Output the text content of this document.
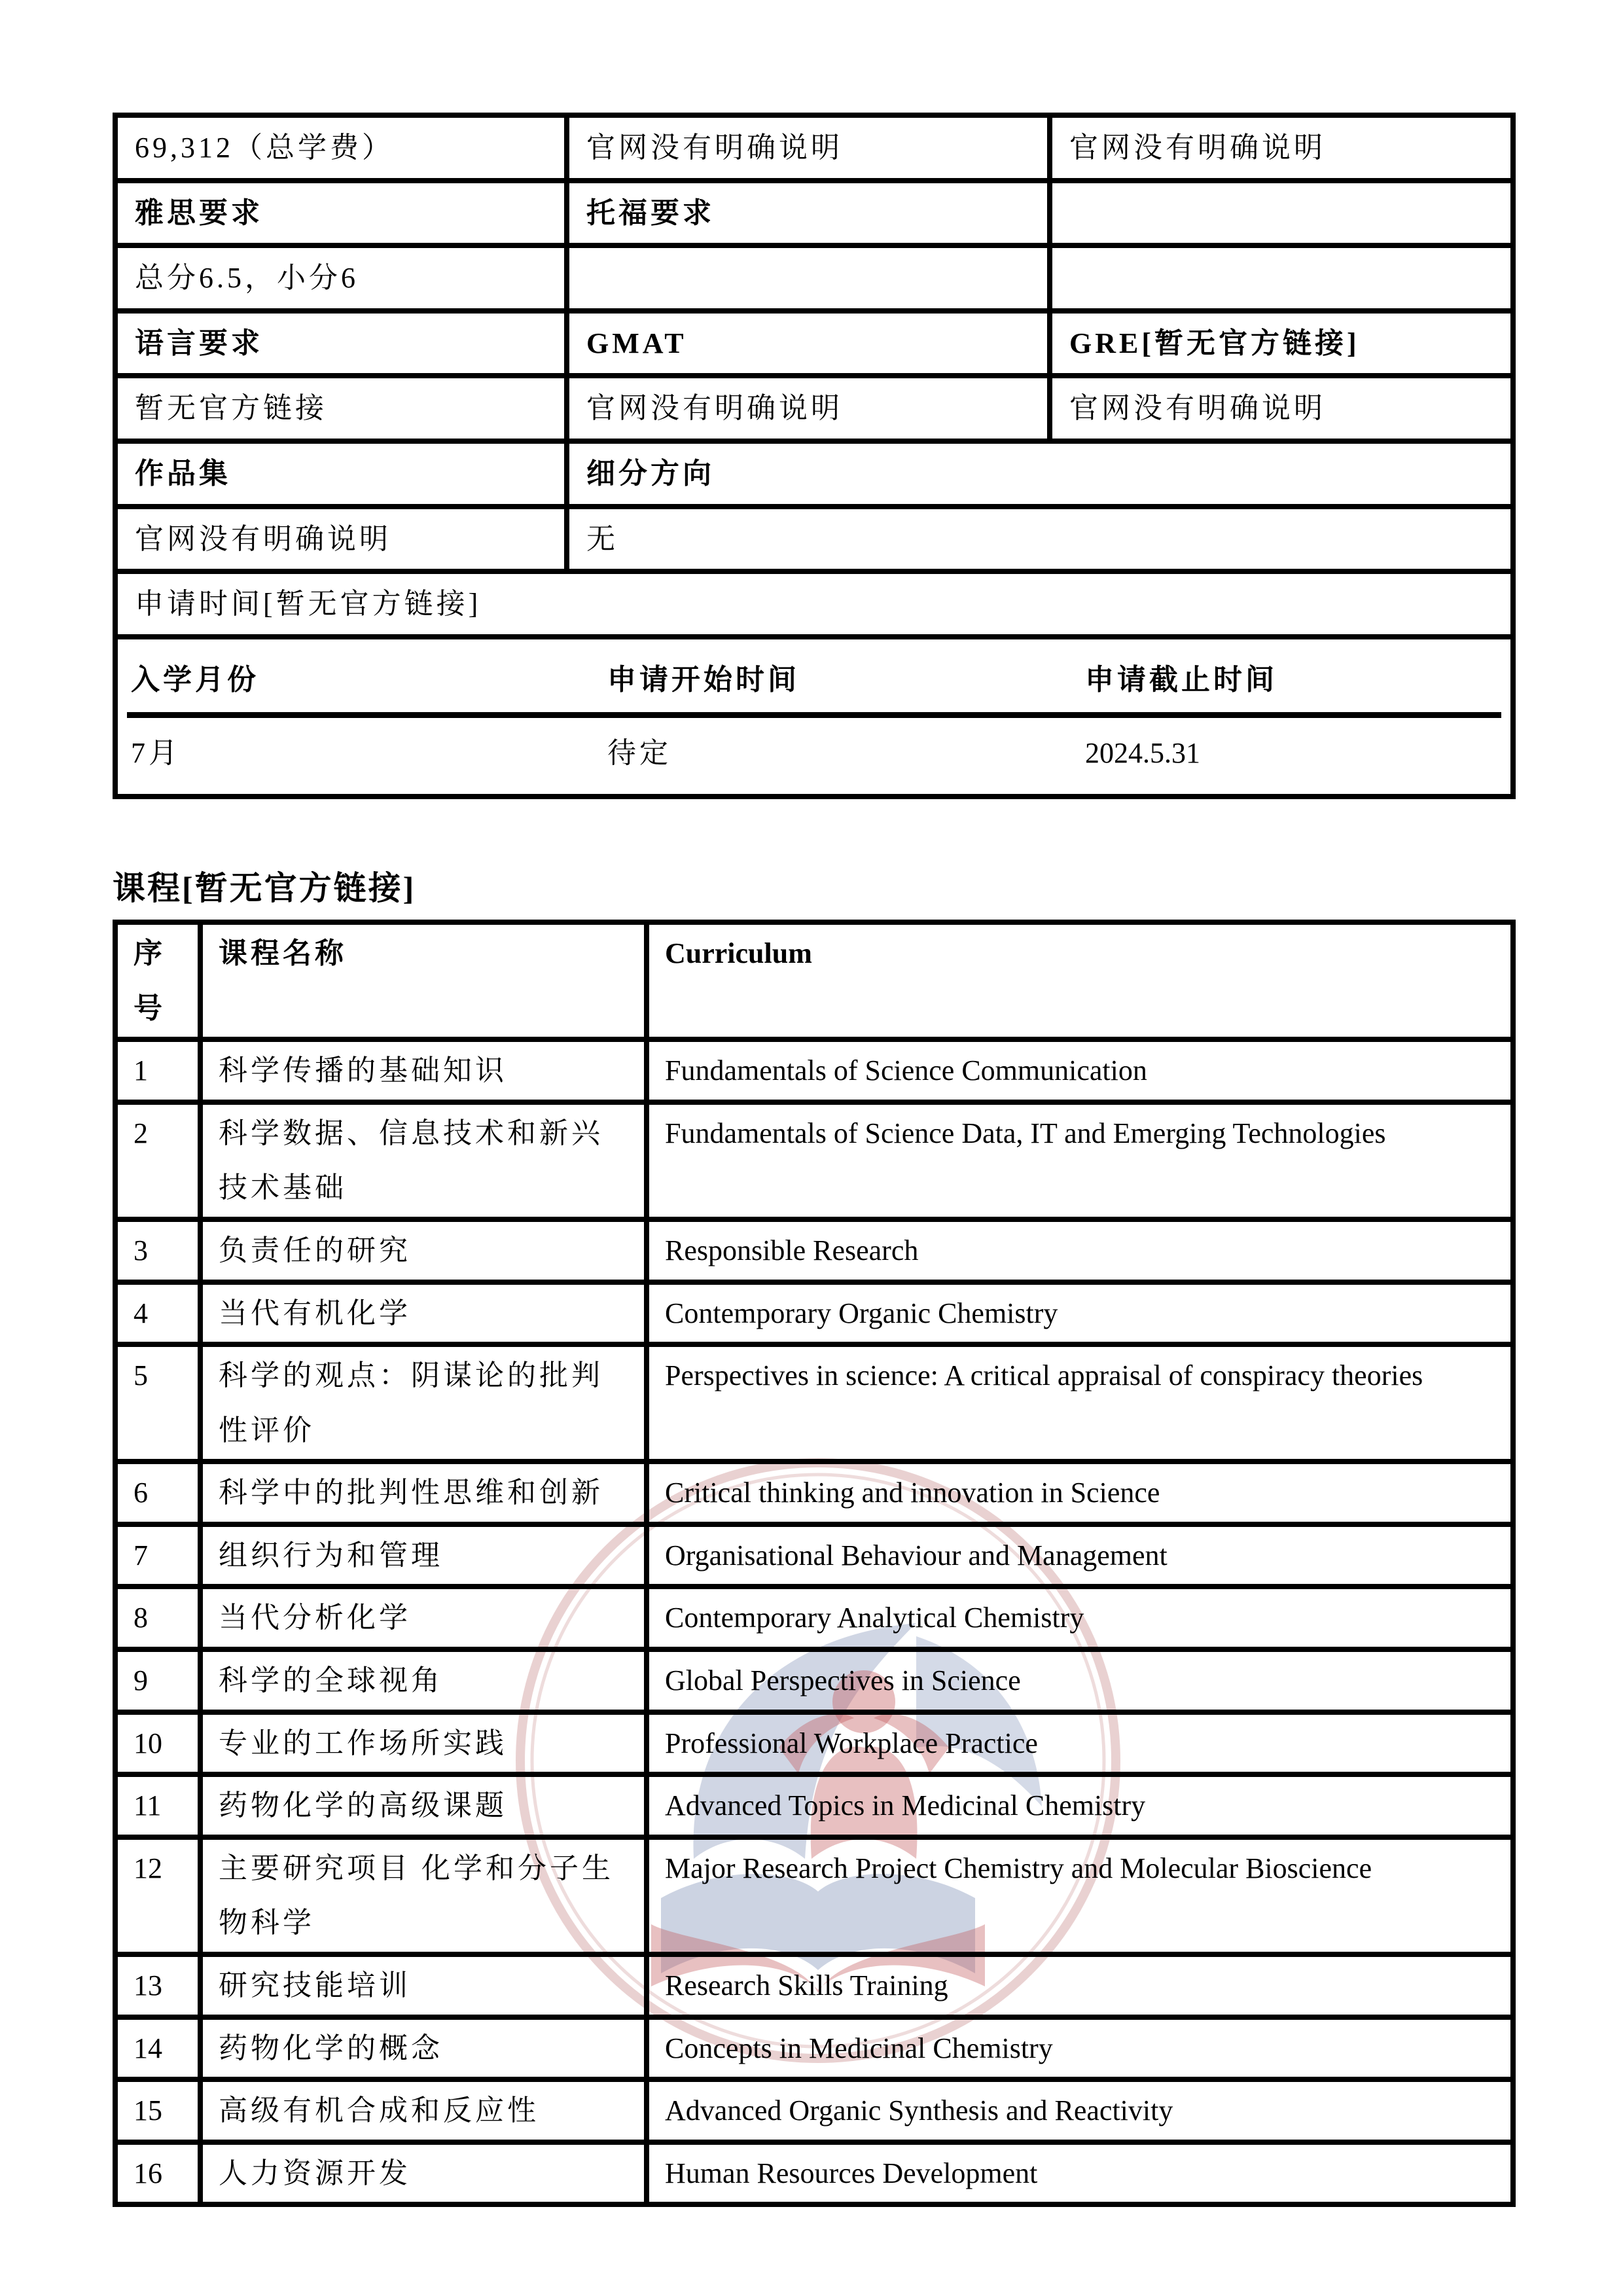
69,312（总学费）	官网没有明确说明	官网没有明确说明
雅思要求	托福要求	
总分6.5，小分6		
语言要求	GMAT	GRE[暂无官方链接]
暂无官方链接	官网没有明确说明	官网没有明确说明
作品集	细分方向	
官网没有明确说明	无	
申请时间[暂无官方链接]		

入学月份	申请开始时间	申请截止时间
7月	待定	2024.5.31
课程[暂无官方链接]
序号	课程名称	Curriculum
1	科学传播的基础知识	Fundamentals of Science Communication
2	科学数据、信息技术和新兴技术基础	Fundamentals of Science Data, IT and Emerging Technologies
3	负责任的研究	Responsible Research
4	当代有机化学	Contemporary Organic Chemistry
5	科学的观点：阴谋论的批判性评价	Perspectives in science: A critical appraisal of conspiracy theories
6	科学中的批判性思维和创新	Critical thinking and innovation in Science
7	组织行为和管理	Organisational Behaviour and Management
8	当代分析化学	Contemporary Analytical Chemistry
9	科学的全球视角	Global Perspectives in Science
10	专业的工作场所实践	Professional Workplace Practice
11	药物化学的高级课题	Advanced Topics in Medicinal Chemistry
12	主要研究项目 化学和分子生物科学	Major Research Project Chemistry and Molecular Bioscience
13	研究技能培训	Research Skills Training
14	药物化学的概念	Concepts in Medicinal Chemistry
15	高级有机合成和反应性	Advanced Organic Synthesis and Reactivity
16	人力资源开发	Human Resources Development
